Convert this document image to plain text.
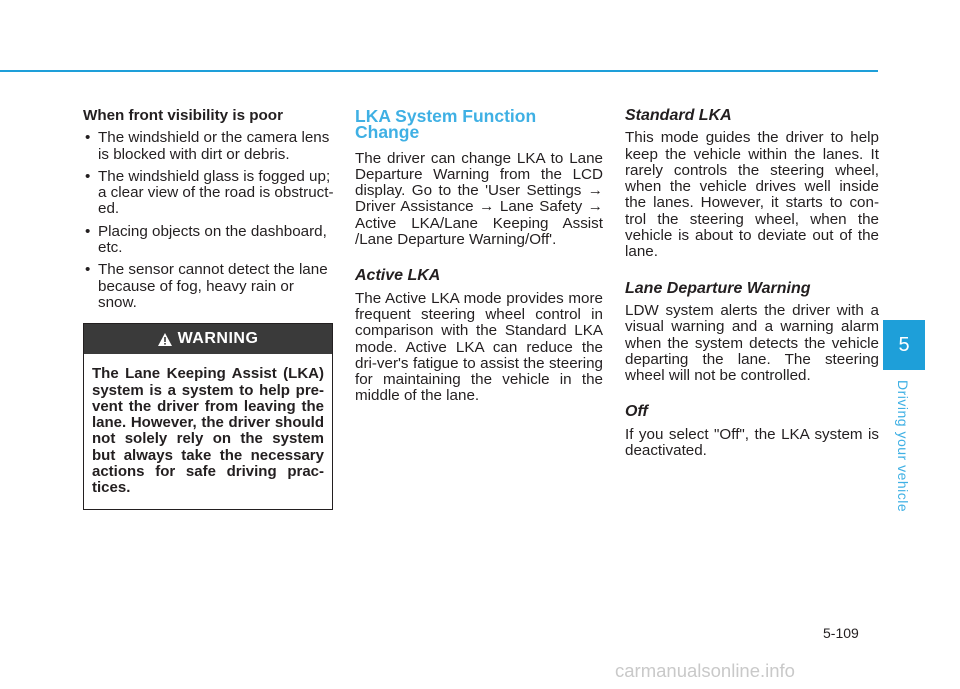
When front visibility is poor
• The windshield or the camera lens is blocked with dirt or debris.
• The windshield glass is fogged up; a clear view of the road is obstruct-ed.
• Placing objects on the dashboard, etc.
• The sensor cannot detect the lane because of fog, heavy rain or snow.
WARNING
The Lane Keeping Assist (LKA) system is a system to help pre-vent the driver from leaving the lane. However, the driver should not solely rely on the system but always take the necessary actions for safe driving prac-tices.
LKA System Function Change

The driver can change LKA to Lane Departure Warning from the LCD display. Go to the 'User Settings → Driver Assistance → Lane Safety → Active LKA/Lane Keeping Assist /Lane Departure Warning/Off'.

Active LKA

The Active LKA mode provides more frequent steering wheel control in comparison with the Standard LKA mode. Active LKA can reduce the dri-ver's fatigue to assist the steering for maintaining the vehicle in the middle of the lane.

Standard LKA

This mode guides the driver to help keep the vehicle within the lanes. It rarely controls the steering wheel, when the vehicle drives well inside the lanes. However, it starts to con-trol the steering wheel, when the vehicle is about to deviate out of the lane.

Lane Departure Warning

LDW system alerts the driver with a visual warning and a warning alarm when the system detects the vehicle departing the lane. The steering wheel will not be controlled.

Off

If you select "Off", the LKA system is deactivated.

5
Driving your vehicle
5-109
carmanualsonline.info
